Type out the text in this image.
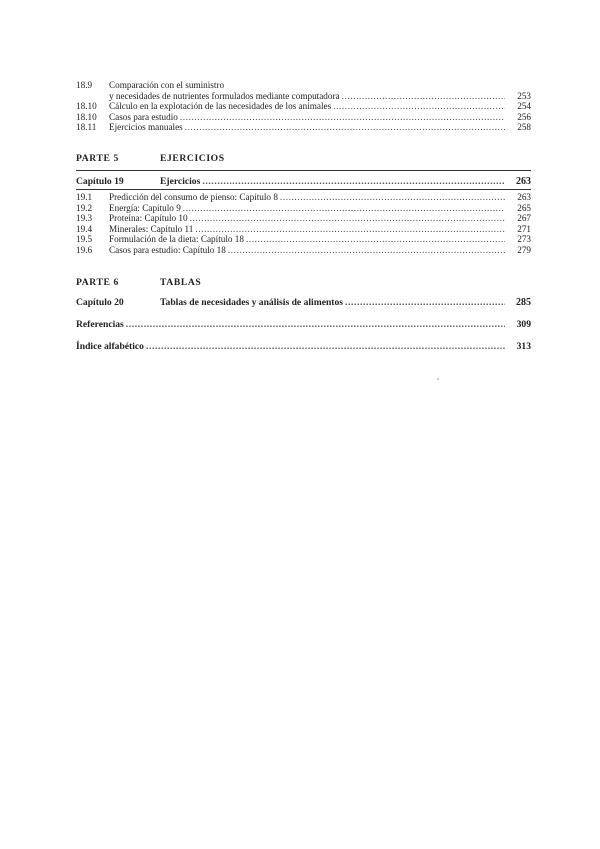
18.9 Comparación con el suministro
y necesidades de nutrientes formulados mediante computadora .....	253
18.10 Cálculo en la explotación de las necesidades de los animales .....	254
18.10 Casos para estudio .....	256
18.11 Ejercicios manuales .....	258
PARTE 5	EJERCICIOS
Capítulo 19	Ejercicios .....	263
19.1 Predicción del consumo de pienso: Capítulo 8 .....	263
19.2 Energía: Capítulo 9 .....	265
19.3 Proteína: Capítulo 10 .....	267
19.4 Minerales: Capítulo 11 .....	271
19.5 Formulación de la dieta: Capítulo 18 .....	273
19.6 Casos para estudio: Capítulo 18 .....	279
PARTE 6	TABLAS
Capítulo 20	Tablas de necesidades y análisis de alimentos .....	285
Referencias .....	309
Índice alfabético .....	313
